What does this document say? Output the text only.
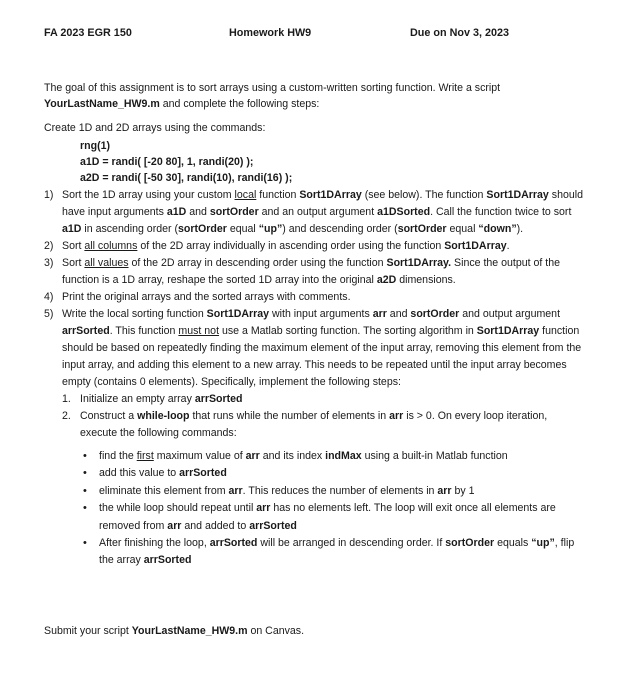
FA 2023 EGR 150	Homework HW9	Due on Nov 3, 2023
The goal of this assignment is to sort arrays using a custom-written sorting function. Write a script YourLastName_HW9.m and complete the following steps:
Create 1D and 2D arrays using the commands:
rng(1)
a1D = randi( [-20 80], 1, randi(20) );
a2D = randi( [-50 30], randi(10), randi(16) );
1) Sort the 1D array using your custom local function Sort1DArray (see below). The function Sort1DArray should have input arguments a1D and sortOrder and an output argument a1DSorted. Call the function twice to sort a1D in ascending order (sortOrder equal “up”) and descending order (sortOrder equal “down”).
2) Sort all columns of the 2D array individually in ascending order using the function Sort1DArray.
3) Sort all values of the 2D array in descending order using the function Sort1DArray. Since the output of the function is a 1D array, reshape the sorted 1D array into the original a2D dimensions.
4) Print the original arrays and the sorted arrays with comments.
5) Write the local sorting function Sort1DArray with input arguments arr and sortOrder and output argument arrSorted. This function must not use a Matlab sorting function. The sorting algorithm in Sort1DArray function should be based on repeatedly finding the maximum element of the input array, removing this element from the input array, and adding this element to a new array. This needs to be repeated until the input array becomes empty (contains 0 elements). Specifically, implement the following steps:
1. Initialize an empty array arrSorted
2. Construct a while-loop that runs while the number of elements in arr is > 0. On every loop iteration, execute the following commands:
• find the first maximum value of arr and its index indMax using a built-in Matlab function
• add this value to arrSorted
• eliminate this element from arr. This reduces the number of elements in arr by 1
• the while loop should repeat until arr has no elements left. The loop will exit once all elements are removed from arr and added to arrSorted
• After finishing the loop, arrSorted will be arranged in descending order. If sortOrder equals “up”, flip the array arrSorted
Submit your script YourLastName_HW9.m on Canvas.
